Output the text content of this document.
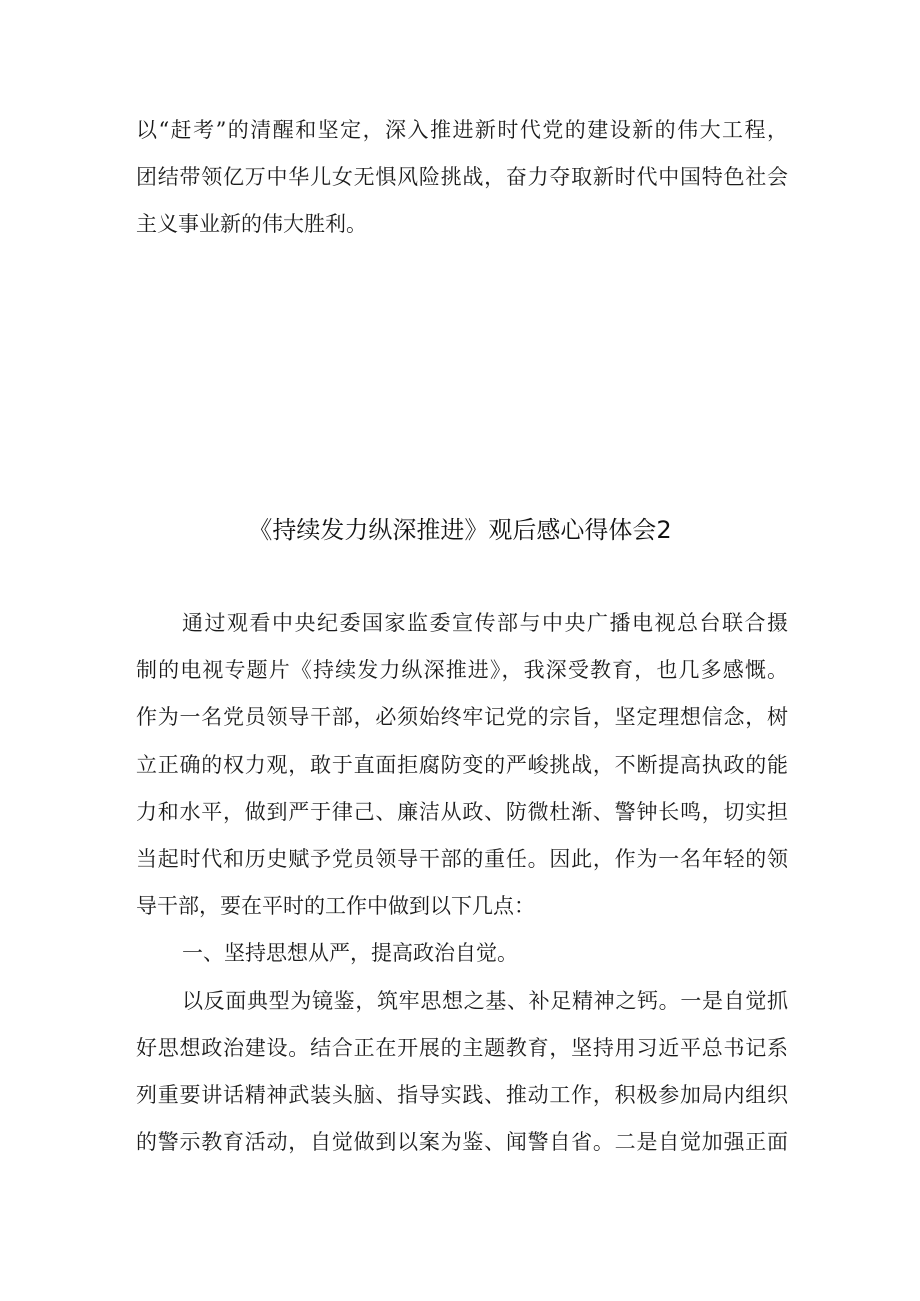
以“赶考”的清醒和坚定，深入推进新时代党的建设新的伟大工程，
团结带领亿万中华儿女无惧风险挑战，奋力夺取新时代中国特色社会
主义事业新的伟大胜利。
《持续发力纵深推进》观后感心得体会2
通过观看中央纪委国家监委宣传部与中央广播电视总台联合摄
制的电视专题片《持续发力纵深推进》，我深受教育，也几多感慨。
作为一名党员领导干部，必须始终牢记党的宗旨，坚定理想信念，树
立正确的权力观，敢于直面拒腐防变的严峻挑战，不断提高执政的能
力和水平，做到严于律己、廉洁从政、防微杜渐、警钟长鸣，切实担
当起时代和历史赋予党员领导干部的重任。因此，作为一名年轻的领
导干部，要在平时的工作中做到以下几点：
一、坚持思想从严，提高政治自觉。
以反面典型为镜鉴，筑牢思想之基、补足精神之钙。一是自觉抓
好思想政治建设。结合正在开展的主题教育，坚持用习近平总书记系
列重要讲话精神武装头脑、指导实践、推动工作，积极参加局内组织
的警示教育活动，自觉做到以案为鉴、闻警自省。二是自觉加强正面
